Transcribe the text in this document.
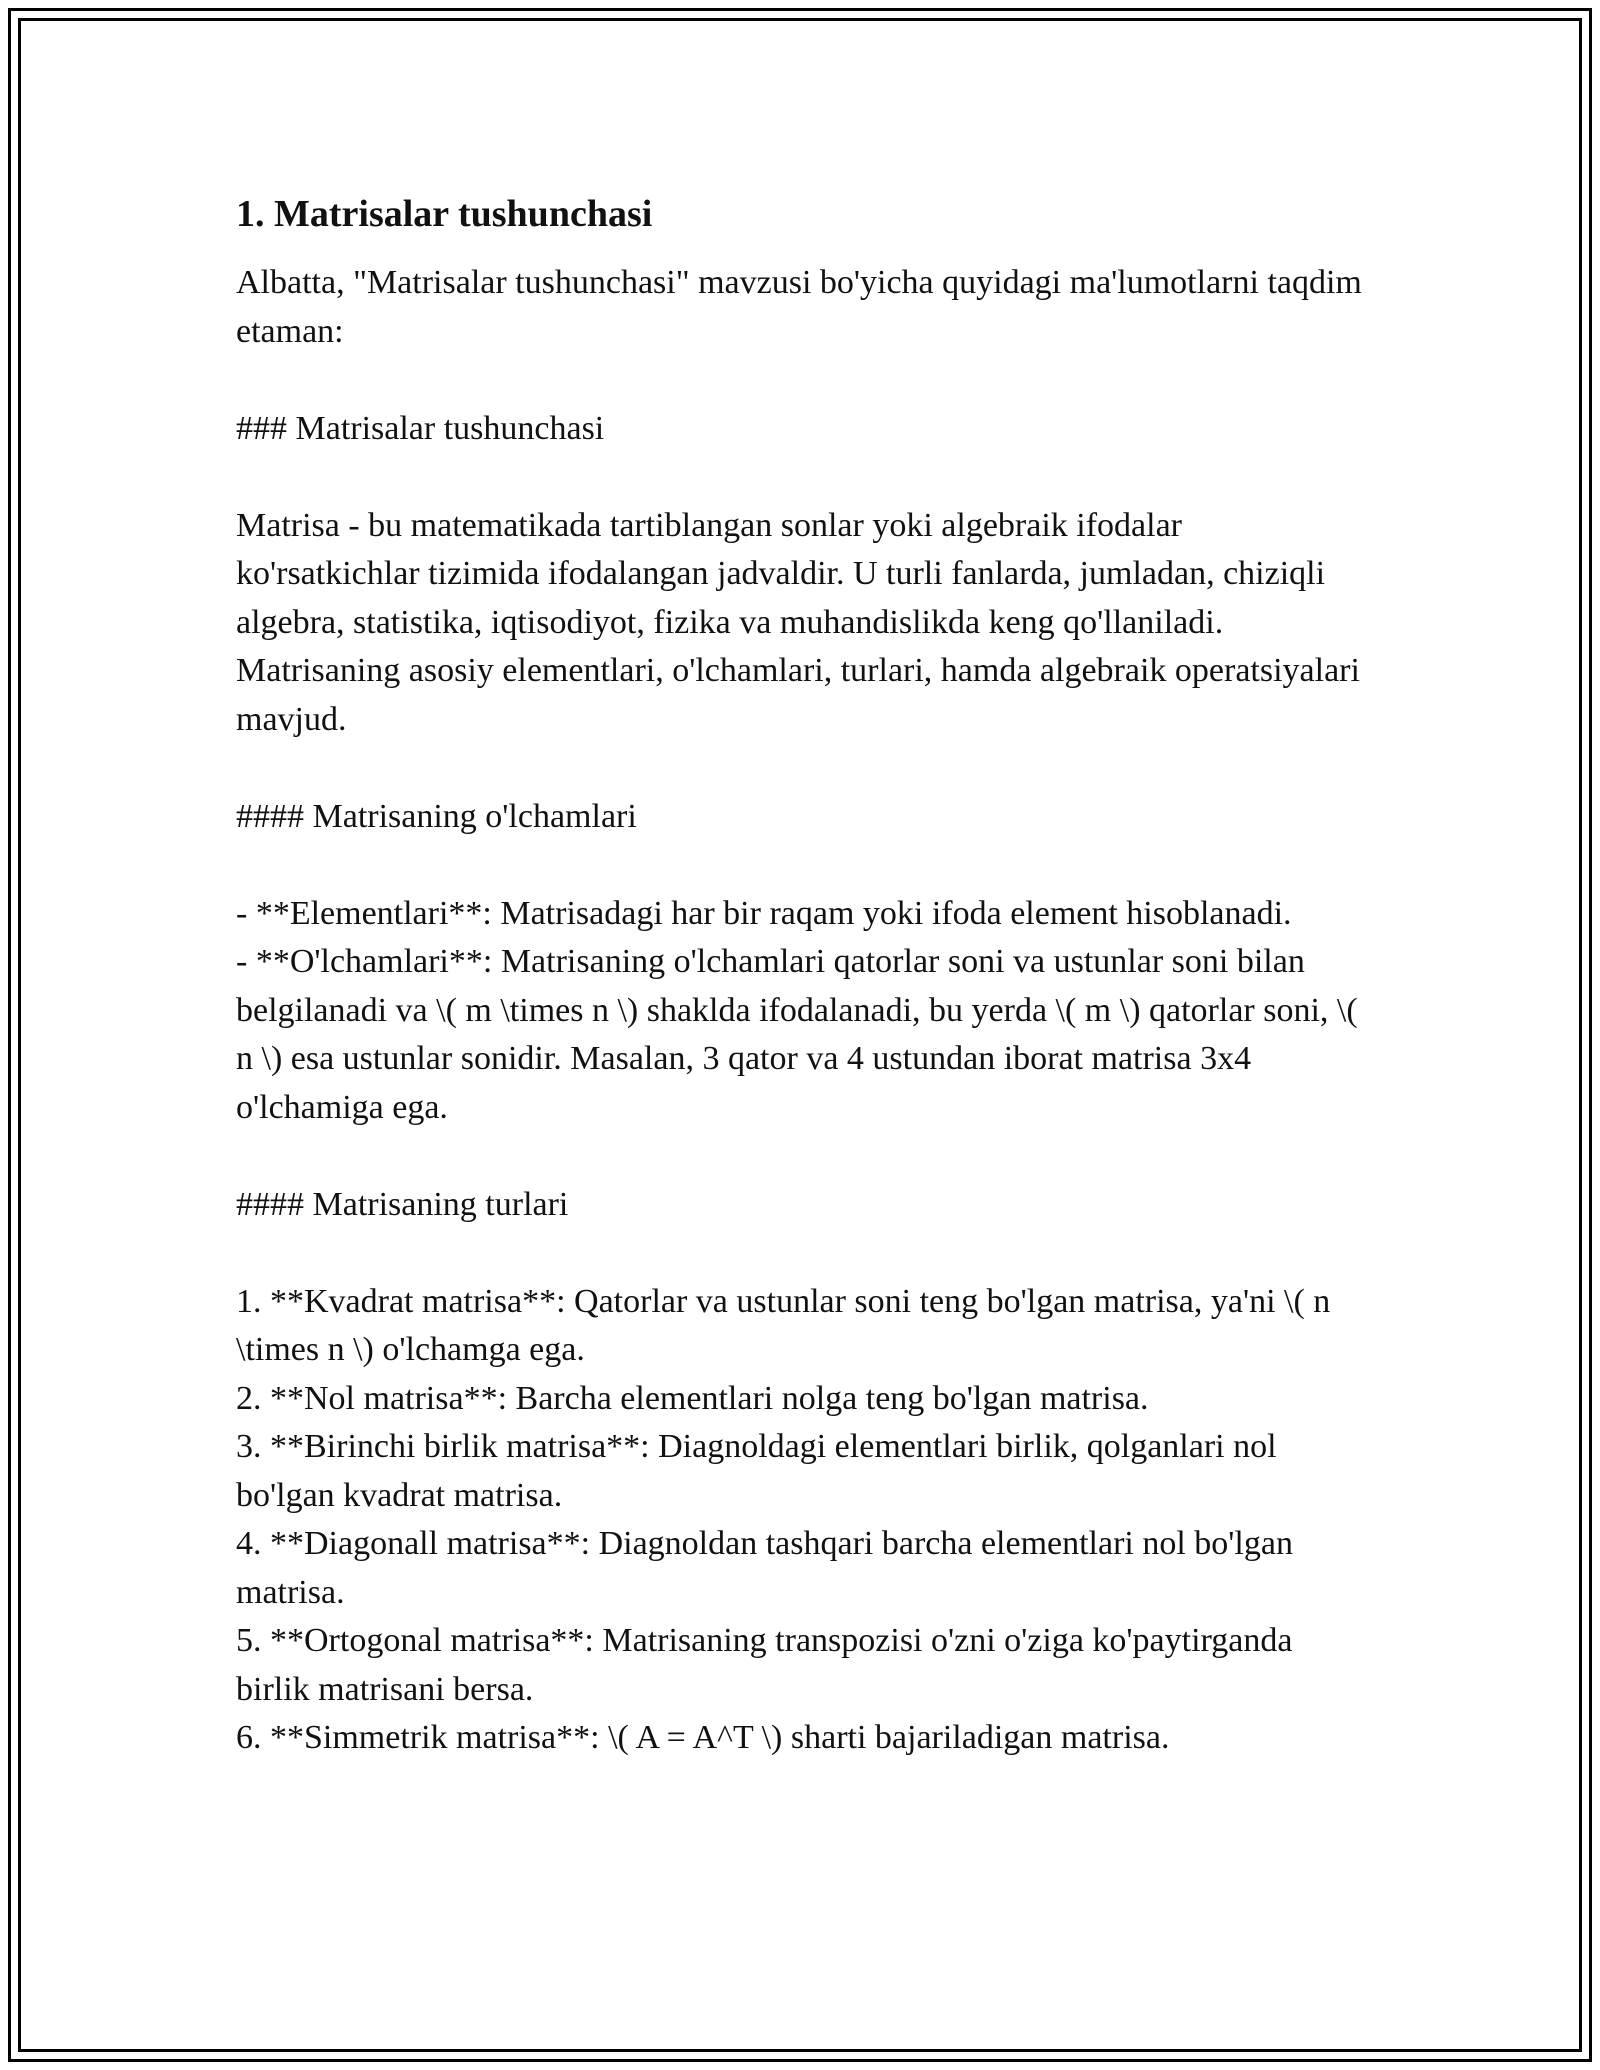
1. Matrisalar tushunchasi

Albatta, "Matrisalar tushunchasi" mavzusi bo'yicha quyidagi ma'lumotlarni taqdim etaman:

### Matrisalar tushunchasi

Matrisa - bu matematikada tartiblangan sonlar yoki algebraik ifodalar ko'rsatkichlar tizimida ifodalangan jadvaldir. U turli fanlarda, jumladan, chiziqli algebra, statistika, iqtisodiyot, fizika va muhandislikda keng qo'llaniladi. Matrisaning asosiy elementlari, o'lchamlari, turlari, hamda algebraik operatsiyalari mavjud.

#### Matrisaning o'lchamlari

- **Elementlari**: Matrisadagi har bir raqam yoki ifoda element hisoblanadi.

- **O'lchamlari**: Matrisaning o'lchamlari qatorlar soni va ustunlar soni bilan belgilanadi va \( m \times n \) shaklda ifodalanadi, bu yerda \( m \) qatorlar soni, \( n \) esa ustunlar sonidir. Masalan, 3 qator va 4 ustundan iborat matrisa 3x4 o'lchamiga ega.

#### Matrisaning turlari

1. **Kvadrat matrisa**: Qatorlar va ustunlar soni teng bo'lgan matrisa, ya'ni \( n \times n \) o'lchamga ega.

2. **Nol matrisa**: Barcha elementlari nolga teng bo'lgan matrisa.

3. **Birinchi birlik matrisa**: Diagnoldagi elementlari birlik, qolganlari nol bo'lgan kvadrat matrisa.

4. **Diagonall matrisa**: Diagnoldan tashqari barcha elementlari nol bo'lgan matrisa.

5. **Ortogonal matrisa**: Matrisaning transpozisi o'zni o'ziga ko'paytirganda birlik matrisani bersa.

6. **Simmetrik matrisa**: \( A = A^T \) sharti bajariladigan matrisa.
